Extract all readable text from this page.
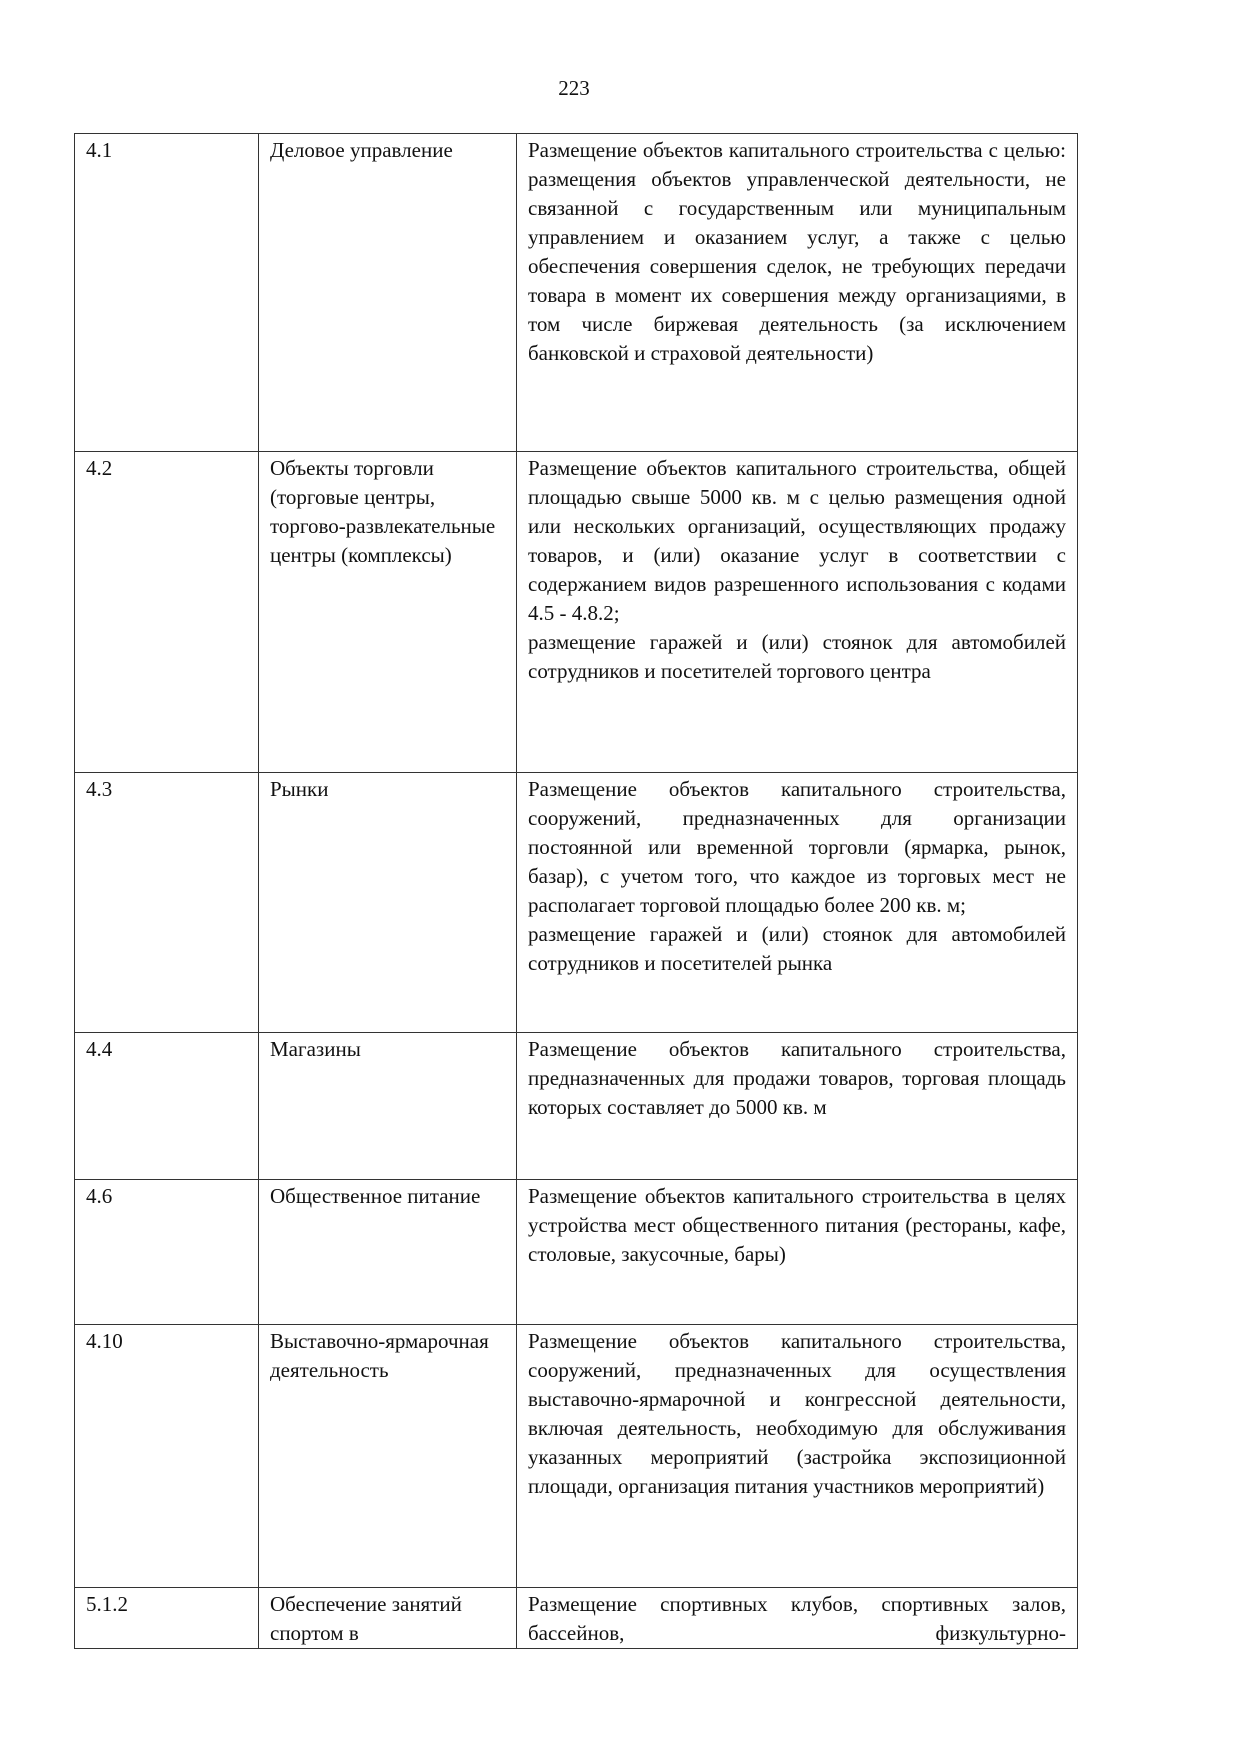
223
4.1	Деловое управление	Размещение объектов капитального строительства с целью: размещения объектов управленческой деятельности, не связанной с государственным или муниципальным управлением и оказанием услуг, а также с целью обеспечения совершения сделок, не требующих передачи товара в момент их совершения между организациями, в том числе биржевая деятельность (за исключением банковской и страховой деятельности)
4.2	Объекты торговли (торговые центры, торгово-развлекательные центры (комплексы)	Размещение объектов капитального строительства, общей площадью свыше 5000 кв. м с целью размещения одной или нескольких организаций, осуществляющих продажу товаров, и (или) оказание услуг в соответствии с содержанием видов разрешенного использования с кодами 4.5 - 4.8.2;
размещение гаражей и (или) стоянок для автомобилей сотрудников и посетителей торгового центра

4.3	Рынки	Размещение объектов капитального строительства, сооружений, предназначенных для организации постоянной или временной торговли (ярмарка, рынок, базар), с учетом того, что каждое из торговых мест не располагает торговой площадью более 200 кв. м;
размещение гаражей и (или) стоянок для автомобилей сотрудников и посетителей рынка

4.4	Магазины	Размещение объектов капитального строительства, предназначенных для продажи товаров, торговая площадь которых составляет до 5000 кв. м
4.6	Общественное питание	Размещение объектов капитального строительства в целях устройства мест общественного питания (рестораны, кафе, столовые, закусочные, бары)
4.10	Выставочно-ярмарочная деятельность	Размещение объектов капитального строительства, сооружений, предназначенных для осуществления выставочно-ярмарочной и конгрессной деятельности, включая деятельность, необходимую для обслуживания указанных мероприятий (застройка экспозиционной площади, организация питания участников мероприятий)
5.1.2	Обеспечение занятий спортом в	Размещение спортивных клубов, спортивных залов, бассейнов, физкультурно-
